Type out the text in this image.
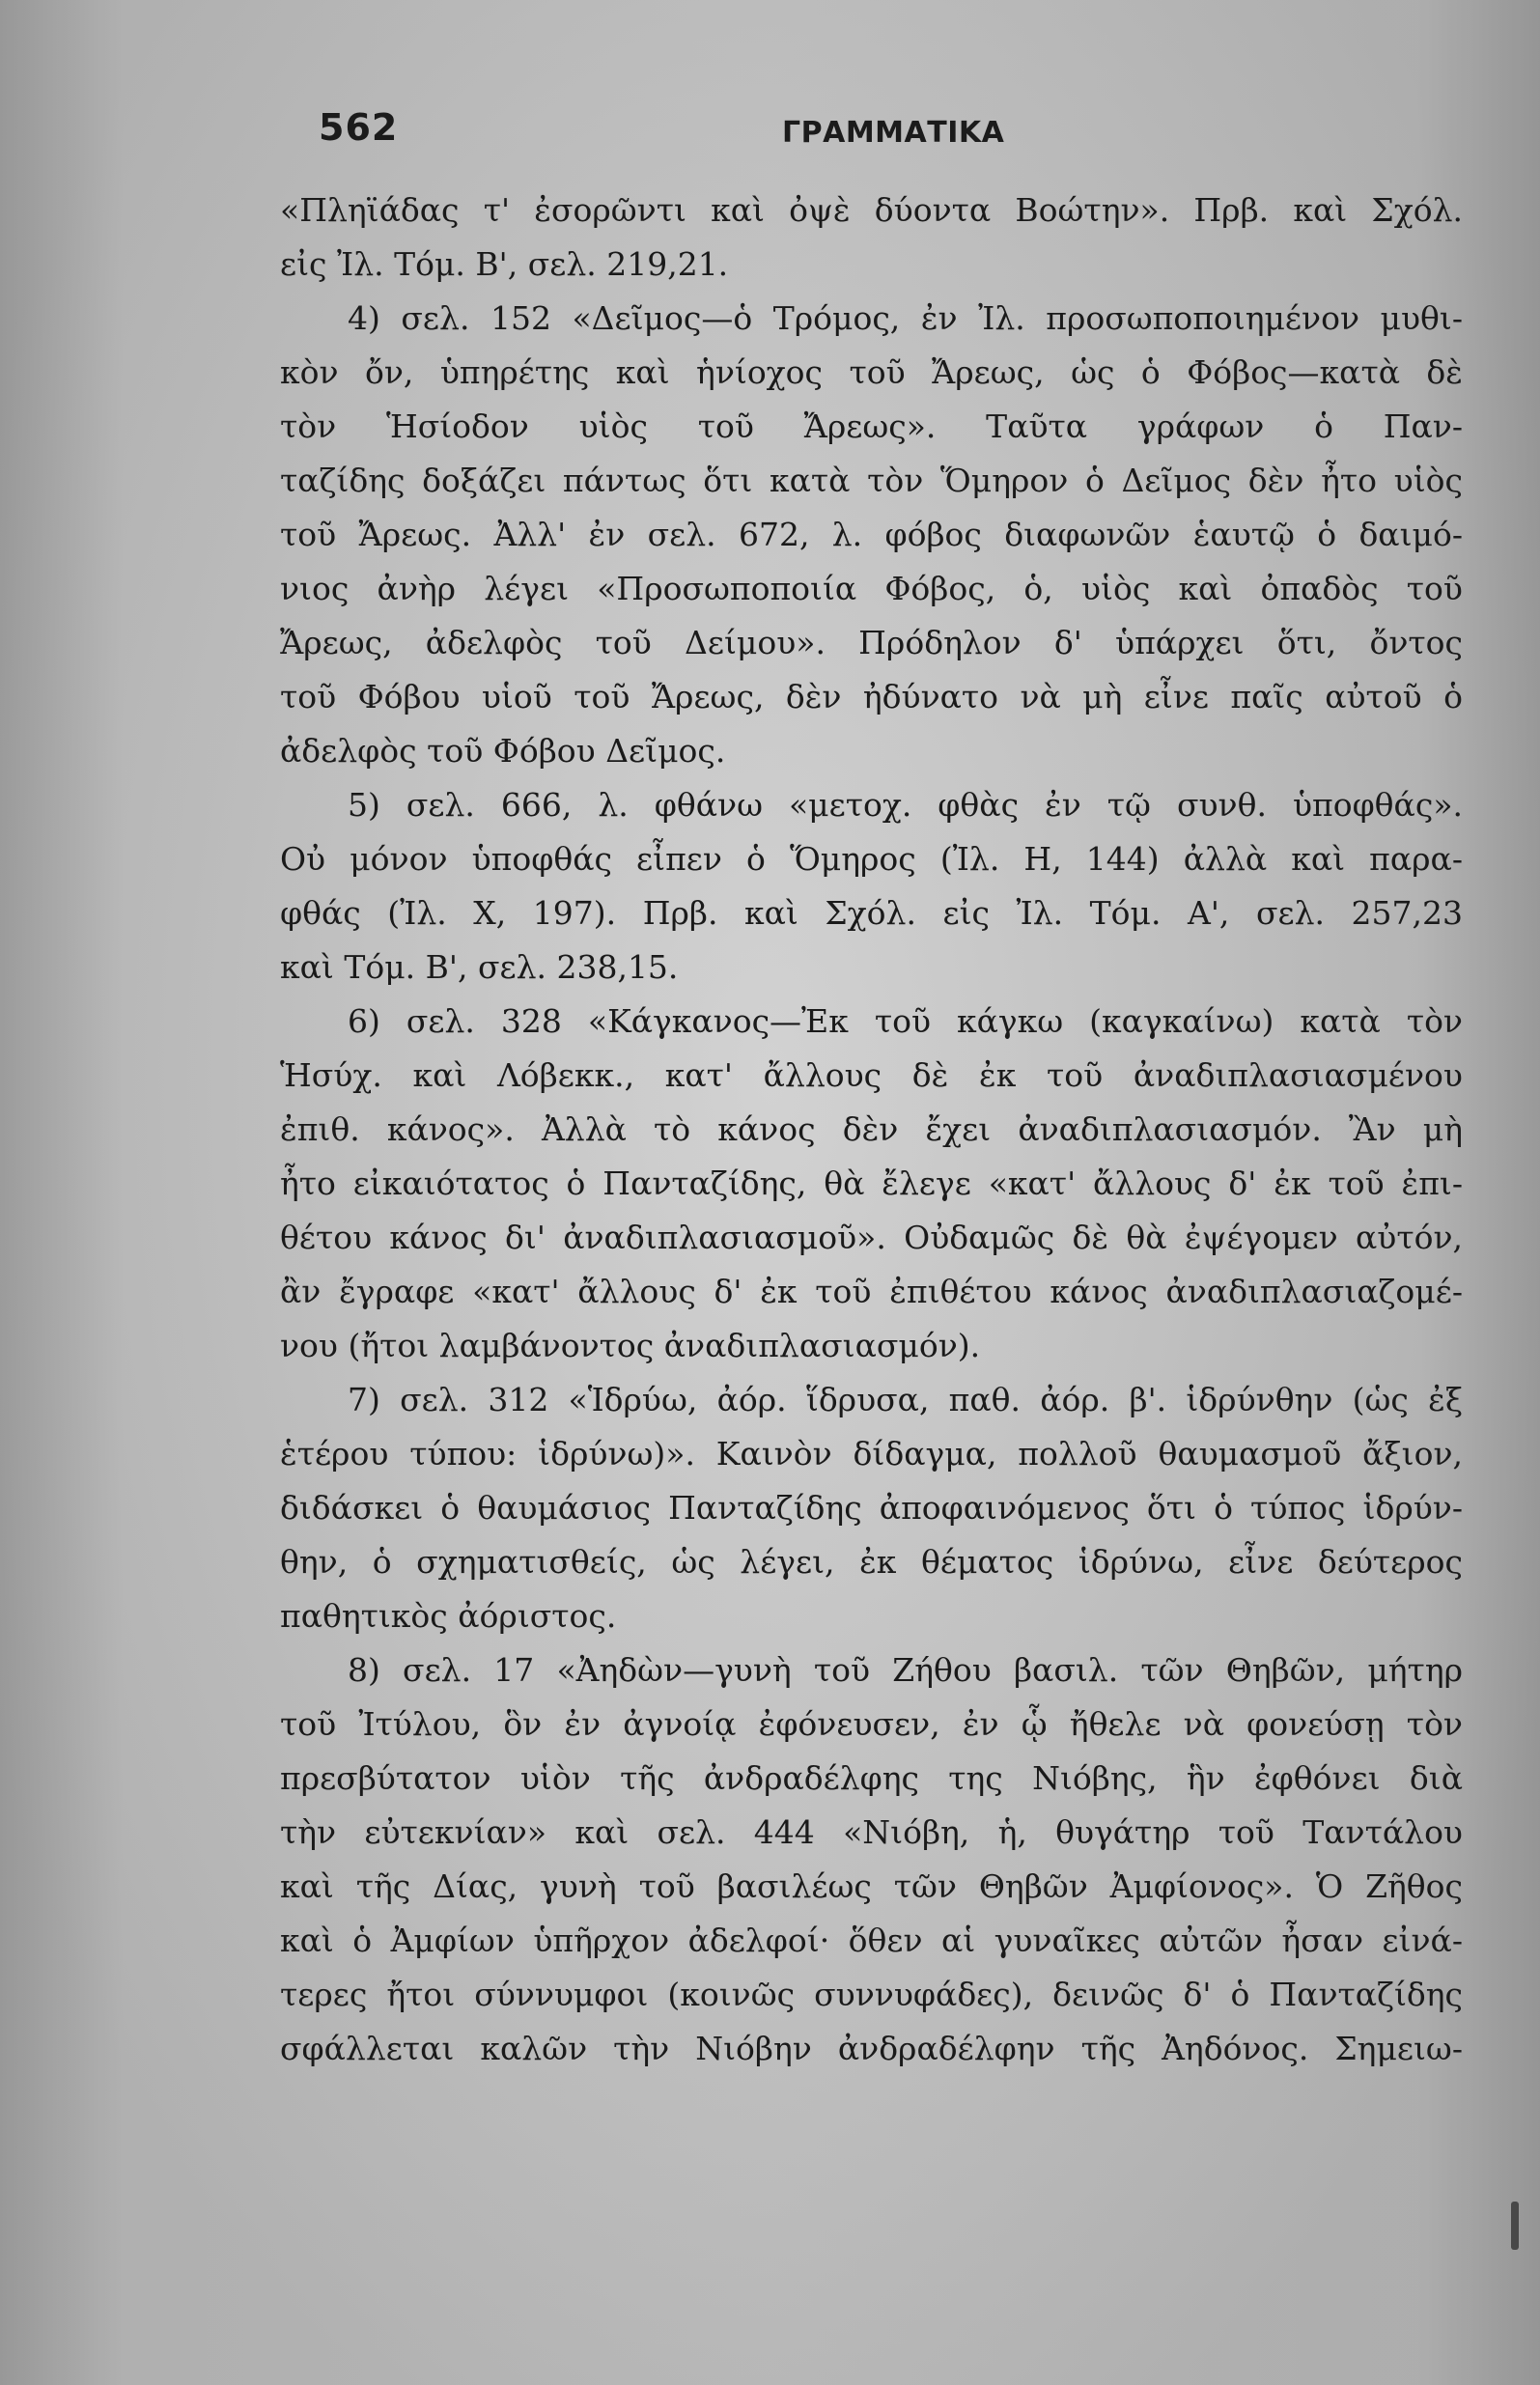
562	ΓΡΑΜΜΑΤΙΚΑ
«Πληϊάδας τ' ἐσορῶντι καὶ ὀψὲ δύοντα Βοώτην». Πρβ. καὶ Σχόλ.
εἰς Ἰλ. Τόμ. Β', σελ. 219,21.
4) σελ. 152 «Δεῖμος—ὁ Τρόμος, ἐν Ἰλ. προσωποποιημένον μυθι-
κὸν ὄν, ὑπηρέτης καὶ ἡνίοχος τοῦ Ἄρεως, ὡς ὁ Φόβος—κατὰ δὲ
τὸν Ἡσίοδον υἱὸς τοῦ Ἄρεως». Ταῦτα γράφων ὁ Παν-
ταζίδης δοξάζει πάντως ὅτι κατὰ τὸν Ὅμηρον ὁ Δεῖμος δὲν ἦτο υἱὸς
τοῦ Ἄρεως. Ἀλλ' ἐν σελ. 672, λ. φόβος διαφωνῶν ἑαυτῷ ὁ δαιμό-
νιος ἀνὴρ λέγει «Προσωποποιία Φόβος, ὁ, υἱὸς καὶ ὀπαδὸς τοῦ
Ἄρεως, ἀδελφὸς τοῦ Δείμου». Πρόδηλον δ' ὑπάρχει ὅτι, ὄντος
τοῦ Φόβου υἱοῦ τοῦ Ἄρεως, δὲν ἠδύνατο νὰ μὴ εἶνε παῖς αὐτοῦ ὁ
ἀδελφὸς τοῦ Φόβου Δεῖμος.
5) σελ. 666, λ. φθάνω «μετοχ. φθὰς ἐν τῷ συνθ. ὑποφθάς».
Οὐ μόνον ὑποφθάς εἶπεν ὁ Ὅμηρος (Ἰλ. Η, 144) ἀλλὰ καὶ παρα-
φθάς (Ἰλ. Χ, 197). Πρβ. καὶ Σχόλ. εἰς Ἰλ. Τόμ. Α', σελ. 257,23
καὶ Τόμ. Β', σελ. 238,15.
6) σελ. 328 «Κάγκανος—Ἐκ τοῦ κάγκω (καγκαίνω) κατὰ τὸν
Ἡσύχ. καὶ Λόβεκκ., κατ' ἄλλους δὲ ἐκ τοῦ ἀναδιπλασιασμένου
ἐπιθ. κάνος». Ἀλλὰ τὸ κάνος δὲν ἔχει ἀναδιπλασιασμόν. Ἂν μὴ
ἦτο εἰκαιότατος ὁ Πανταζίδης, θὰ ἔλεγε «κατ' ἄλλους δ' ἐκ τοῦ ἐπι-
θέτου κάνος δι' ἀναδιπλασιασμοῦ». Οὐδαμῶς δὲ θὰ ἐψέγομεν αὐτόν,
ἂν ἔγραφε «κατ' ἄλλους δ' ἐκ τοῦ ἐπιθέτου κάνος ἀναδιπλασιαζομέ-
νου (ἤτοι λαμβάνοντος ἀναδιπλασιασμόν).
7) σελ. 312 «Ἱδρύω, ἀόρ. ἵδρυσα, παθ. ἀόρ. β'. ἱδρύνθην (ὡς ἐξ
ἑτέρου τύπου: ἱδρύνω)». Καινὸν δίδαγμα, πολλοῦ θαυμασμοῦ ἄξιον,
διδάσκει ὁ θαυμάσιος Πανταζίδης ἀποφαινόμενος ὅτι ὁ τύπος ἱδρύν-
θην, ὁ σχηματισθείς, ὡς λέγει, ἐκ θέματος ἱδρύνω, εἶνε δεύτερος
παθητικὸς ἀόριστος.
8) σελ. 17 «Ἀηδὼν—γυνὴ τοῦ Ζήθου βασιλ. τῶν Θηβῶν, μήτηρ
τοῦ Ἰτύλου, ὃν ἐν ἀγνοίᾳ ἐφόνευσεν, ἐν ᾧ ἤθελε νὰ φονεύσῃ τὸν
πρεσβύτατον υἱὸν τῆς ἀνδραδέλφης της Νιόβης, ἣν ἐφθόνει διὰ
τὴν εὐτεκνίαν» καὶ σελ. 444 «Νιόβη, ἡ, θυγάτηρ τοῦ Ταντάλου
καὶ τῆς Δίας, γυνὴ τοῦ βασιλέως τῶν Θηβῶν Ἀμφίονος». Ὁ Ζῆθος
καὶ ὁ Ἀμφίων ὑπῆρχον ἀδελφοί· ὅθεν αἱ γυναῖκες αὐτῶν ἦσαν εἰνά-
τερες ἤτοι σύννυμφοι (κοινῶς συννυφάδες), δεινῶς δ' ὁ Πανταζίδης
σφάλλεται καλῶν τὴν Νιόβην ἀνδραδέλφην τῆς Ἀηδόνος. Σημειω-
